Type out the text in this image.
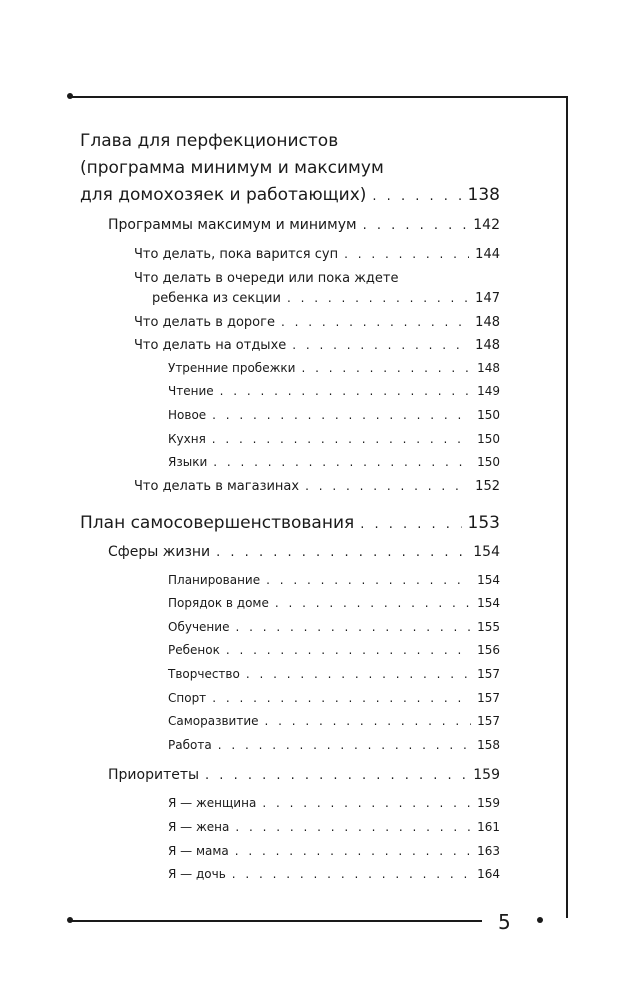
5
Глава для перфекционистов
(программа минимум и максимум
для домохозяек и работающих) . . .	138
Программы максимум и минимум . . .	142
Что делать, пока варится суп . . .	144
Что делать в очереди или пока ждете
ребенка из секции . . .	147
Что делать в дороге . . .	148
Что делать на отдыхе . . .	148
Утренние пробежки . . .	148
Чтение . . .	149
Новое . . .	150
Кухня . . .	150
Языки . . .	150
Что делать в магазинах . . .	152
План самосовершенствования . . .	153
Сферы жизни . . .	154
Планирование . . .	154
Порядок в доме . . .	154
Обучение . . .	155
Ребенок . . .	156
Творчество . . .	157
Спорт . . .	157
Саморазвитие . . .	157
Работа . . .	158
Приоритеты . . .	159
Я — женщина . . .	159
Я — жена . . .	161
Я — мама . . .	163
Я — дочь . . .	164
